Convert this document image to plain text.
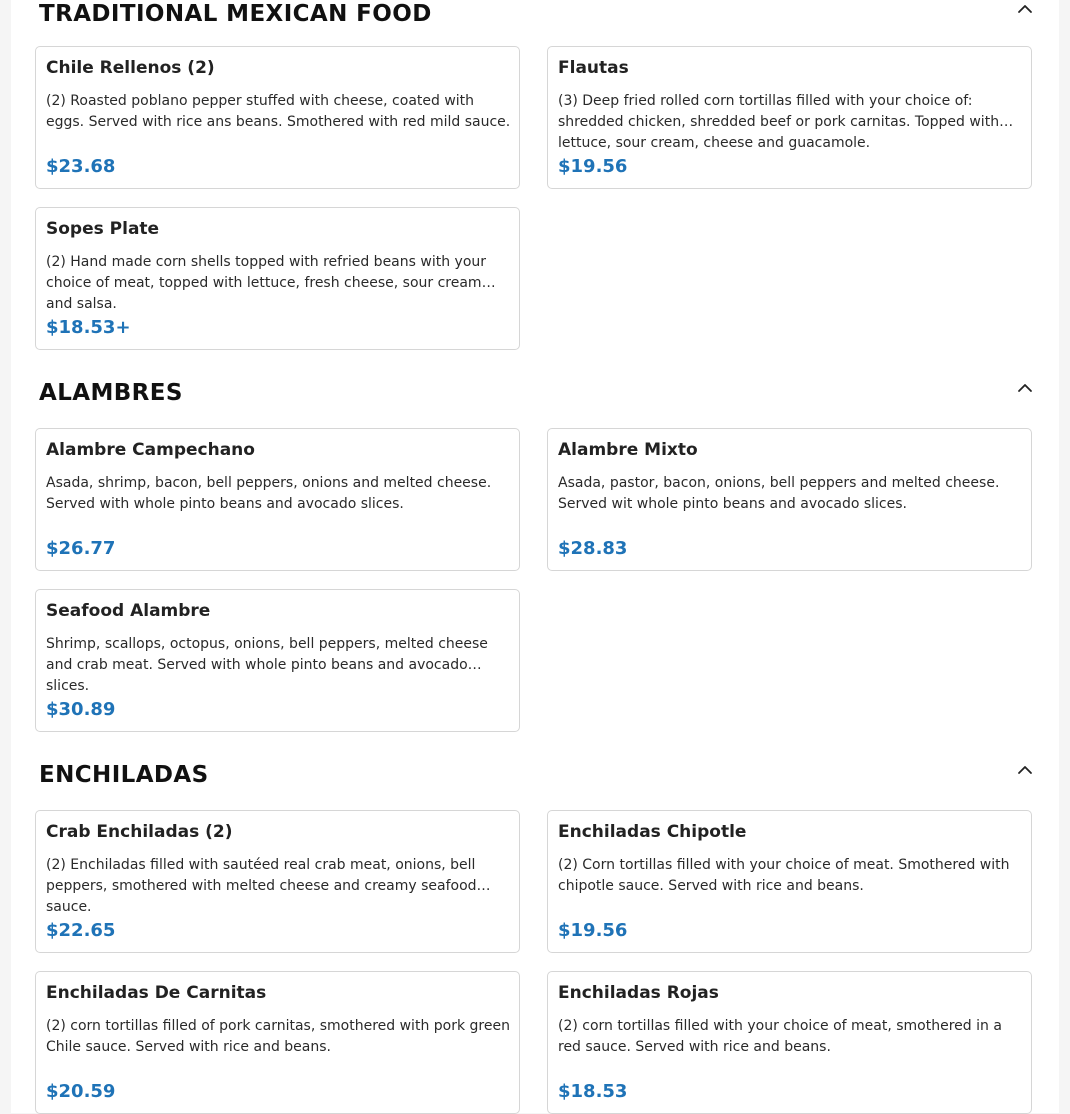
TRADITIONAL MEXICAN FOOD
Chile Rellenos (2)
(2) Roasted poblano pepper stuffed with cheese, coated with eggs. Served with rice ans beans. Smothered with red mild sauce.
$23.68
Flautas
(3) Deep fried rolled corn tortillas filled with your choice of: shredded chicken, shredded beef or pork carnitas. Topped with lettuce, sour cream, cheese and guacamole.
$19.56
Sopes Plate
(2) Hand made corn shells topped with refried beans with your choice of meat, topped with lettuce, fresh cheese, sour cream and salsa.
$18.53+
ALAMBRES
Alambre Campechano
Asada, shrimp, bacon, bell peppers, onions and melted cheese. Served with whole pinto beans and avocado slices.
$26.77
Alambre Mixto
Asada, pastor, bacon, onions, bell peppers and melted cheese. Served wit whole pinto beans and avocado slices.
$28.83
Seafood Alambre
Shrimp, scallops, octopus, onions, bell peppers, melted cheese and crab meat. Served with whole pinto beans and avocado slices.
$30.89
ENCHILADAS
Crab Enchiladas (2)
(2) Enchiladas filled with sautéed real crab meat, onions, bell peppers, smothered with melted cheese and creamy seafood sauce.
$22.65
Enchiladas Chipotle
(2) Corn tortillas filled with your choice of meat. Smothered with chipotle sauce. Served with rice and beans.
$19.56
Enchiladas De Carnitas
(2) corn tortillas filled of pork carnitas, smothered with pork green Chile sauce. Served with rice and beans.
$20.59
Enchiladas Rojas
(2) corn tortillas filled with your choice of meat, smothered in a red sauce. Served with rice and beans.
$18.53
